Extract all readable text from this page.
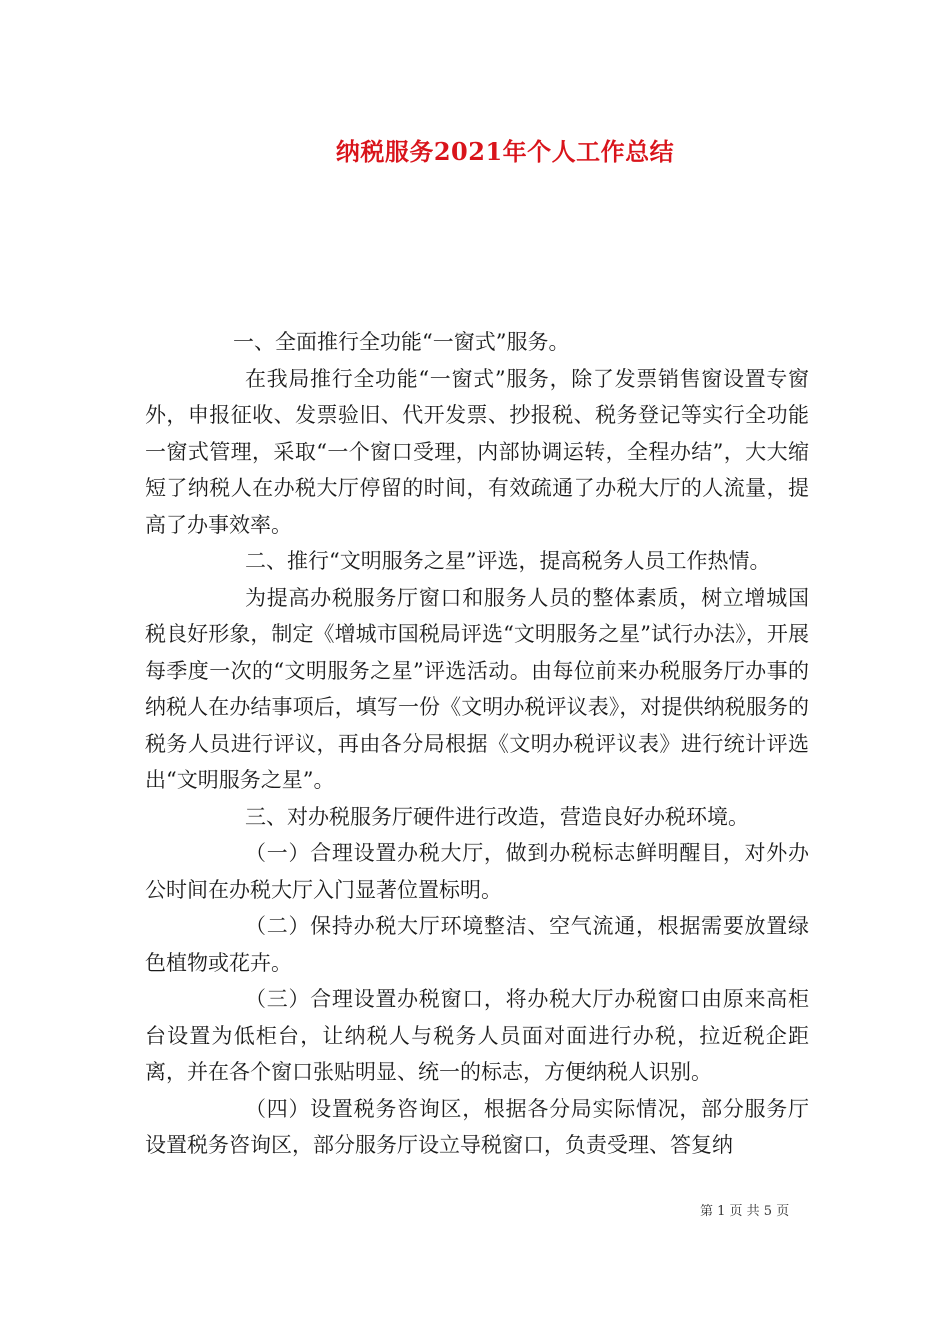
纳税服务2021年个人工作总结

一、全面推行全功能“一窗式”服务。

在我局推行全功能“一窗式”服务，除了发票销售窗设置专窗外，申报征收、发票验旧、代开发票、抄报税、税务登记等实行全功能一窗式管理，采取“一个窗口受理，内部协调运转，全程办结”，大大缩短了纳税人在办税大厅停留的时间，有效疏通了办税大厅的人流量，提高了办事效率。

二、推行“文明服务之星”评选，提高税务人员工作热情。

为提高办税服务厅窗口和服务人员的整体素质，树立增城国税良好形象，制定《增城市国税局评选“文明服务之星”试行办法》，开展每季度一次的“文明服务之星”评选活动。由每位前来办税服务厅办事的纳税人在办结事项后，填写一份《文明办税评议表》，对提供纳税服务的税务人员进行评议，再由各分局根据《文明办税评议表》进行统计评选出“文明服务之星”。

三、对办税服务厅硬件进行改造，营造良好办税环境。

（一）合理设置办税大厅，做到办税标志鲜明醒目，对外办公时间在办税大厅入门显著位置标明。

（二）保持办税大厅环境整洁、空气流通，根据需要放置绿色植物或花卉。

（三）合理设置办税窗口，将办税大厅办税窗口由原来高柜台设置为低柜台，让纳税人与税务人员面对面进行办税，拉近税企距离，并在各个窗口张贴明显、统一的标志，方便纳税人识别。

（四）设置税务咨询区，根据各分局实际情况，部分服务厅设置税务咨询区，部分服务厅设立导税窗口，负责受理、答复纳

第 1 页 共 5 页
